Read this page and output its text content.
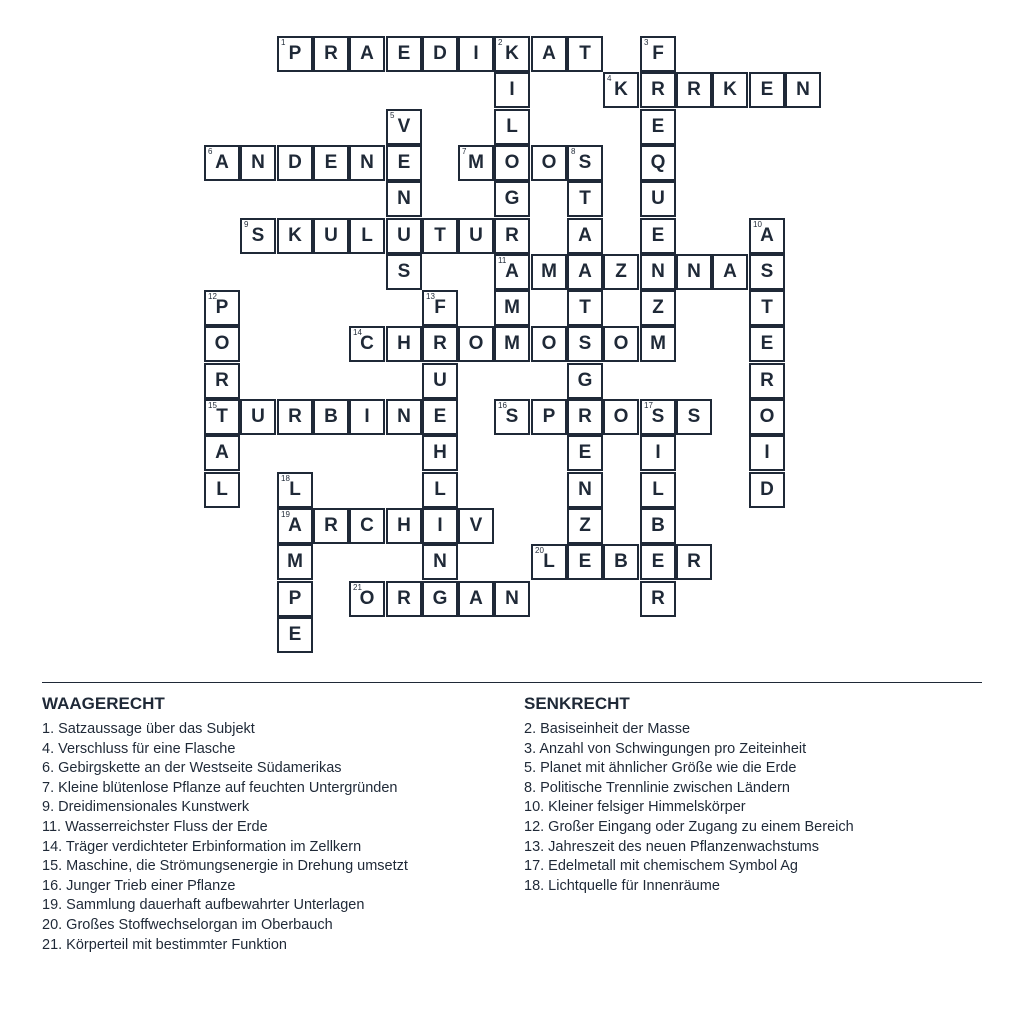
1
P R A E D I
2
K A T
I
L
O
G
R
11
A
M
M
3
F
R
E
Q
U
E
N
Z
4
K	R K E N
5
V
E
N
U
S
6
A N D E N
7
M	O
8
S
T
A
A
T
S
G
R
E
N
Z
E
9
S K U L	T U
10
A
S
T
E
R
O
I
D
M	Z	N A
12
P
O
R
15
T
A
L
13
F
R
U
E
H
L
I
N
G
14
C H	O	O	O M
U R B I N
16
S P	O
17
S S
I
L
B
E
R
18
L
19
A
M
P
E
R C H	V
20
L	B	R
21
O R	A N
WAAGERECHT
1. Satzaussage über das Subjekt
4. Verschluss für eine Flasche
6. Gebirgskette an der Westseite Südamerikas
7. Kleine blütenlose Pflanze auf feuchten Untergründen
9. Dreidimensionales Kunstwerk
11. Wasserreichster Fluss der Erde
14. Träger verdichteter Erbinformation im Zellkern
15. Maschine, die Strömungsenergie in Drehung umsetzt
16. Junger Trieb einer Pflanze
19. Sammlung dauerhaft aufbewahrter Unterlagen
20. Großes Stoffwechselorgan im Oberbauch
21. Körperteil mit bestimmter Funktion
SENKRECHT
2. Basiseinheit der Masse
3. Anzahl von Schwingungen pro Zeiteinheit
5. Planet mit ähnlicher Größe wie die Erde
8. Politische Trennlinie zwischen Ländern
10. Kleiner felsiger Himmelskörper
12. Großer Eingang oder Zugang zu einem Bereich
13. Jahreszeit des neuen Pflanzenwachstums
17. Edelmetall mit chemischem Symbol Ag
18. Lichtquelle für Innenräume
